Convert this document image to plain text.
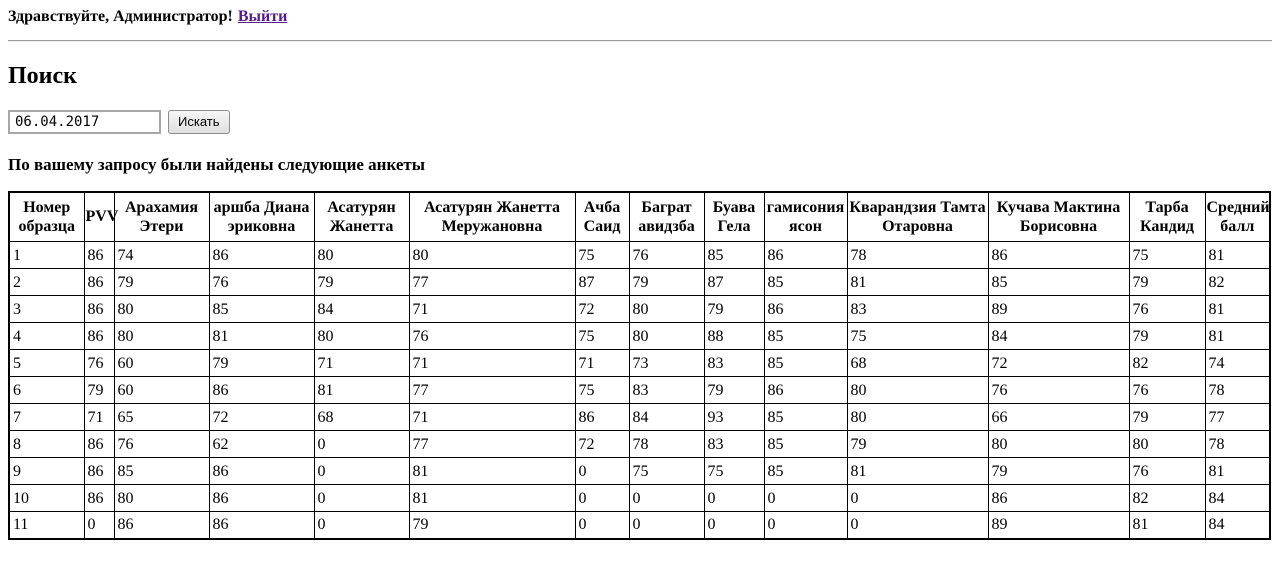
Здравствуйте, Администратор! Выйти

Поиск
06.04.2017
Искать

По вашему запросу были найдены следующие анкеты

Номер образца	PVV	Арахамия Этери	аршба Диана эриковна	Асатурян Жанетта	Асатурян Жанетта Меружановна	Ачба Саид	Баграт авидзба	Буава Гела	гамисония ясон	Кварандзия Тамта Отаровна	Кучава Мактина Борисовна	Тарба Кандид	Средний балл
1	86	74	86	80	80	75	76	85	86	78	86	75	81
2	86	79	76	79	77	87	79	87	85	81	85	79	82
3	86	80	85	84	71	72	80	79	86	83	89	76	81
4	86	80	81	80	76	75	80	88	85	75	84	79	81
5	76	60	79	71	71	71	73	83	85	68	72	82	74
6	79	60	86	81	77	75	83	79	86	80	76	76	78
7	71	65	72	68	71	86	84	93	85	80	66	79	77
8	86	76	62	0	77	72	78	83	85	79	80	80	78
9	86	85	86	0	81	0	75	75	85	81	79	76	81
10	86	80	86	0	81	0	0	0	0	0	86	82	84
11	0	86	86	0	79	0	0	0	0	0	89	81	84
